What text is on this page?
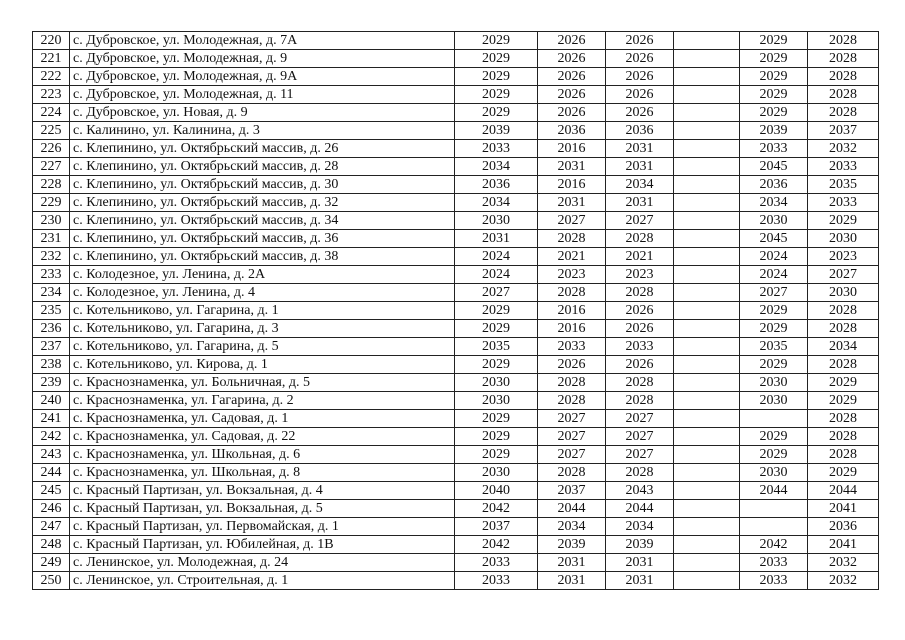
220	с. Дубровское, ул. Молодежная, д. 7А	2029	2026	2026		2029	2028
221	с. Дубровское, ул. Молодежная, д. 9	2029	2026	2026		2029	2028
222	с. Дубровское, ул. Молодежная, д. 9А	2029	2026	2026		2029	2028
223	с. Дубровское, ул. Молодежная, д. 11	2029	2026	2026		2029	2028
224	с. Дубровское, ул. Новая, д. 9	2029	2026	2026		2029	2028
225	с. Калинино, ул. Калинина, д. 3	2039	2036	2036		2039	2037
226	с. Клепинино, ул. Октябрьский массив, д. 26	2033	2016	2031		2033	2032
227	с. Клепинино, ул. Октябрьский массив, д. 28	2034	2031	2031		2045	2033
228	с. Клепинино, ул. Октябрьский массив, д. 30	2036	2016	2034		2036	2035
229	с. Клепинино, ул. Октябрьский массив, д. 32	2034	2031	2031		2034	2033
230	с. Клепинино, ул. Октябрьский массив, д. 34	2030	2027	2027		2030	2029
231	с. Клепинино, ул. Октябрьский массив, д. 36	2031	2028	2028		2045	2030
232	с. Клепинино, ул. Октябрьский массив, д. 38	2024	2021	2021		2024	2023
233	с. Колодезное, ул. Ленина, д. 2А	2024	2023	2023		2024	2027
234	с. Колодезное, ул. Ленина, д. 4	2027	2028	2028		2027	2030
235	с. Котельниково, ул. Гагарина, д. 1	2029	2016	2026		2029	2028
236	с. Котельниково, ул. Гагарина, д. 3	2029	2016	2026		2029	2028
237	с. Котельниково, ул. Гагарина, д. 5	2035	2033	2033		2035	2034
238	с. Котельниково, ул. Кирова, д. 1	2029	2026	2026		2029	2028
239	с. Краснознаменка, ул. Больничная, д. 5	2030	2028	2028		2030	2029
240	с. Краснознаменка, ул. Гагарина, д. 2	2030	2028	2028		2030	2029
241	с. Краснознаменка, ул. Садовая, д. 1	2029	2027	2027			2028
242	с. Краснознаменка, ул. Садовая, д. 22	2029	2027	2027		2029	2028
243	с. Краснознаменка, ул. Школьная, д. 6	2029	2027	2027		2029	2028
244	с. Краснознаменка, ул. Школьная, д. 8	2030	2028	2028		2030	2029
245	с. Красный Партизан, ул. Вокзальная, д. 4	2040	2037	2043		2044	2044
246	с. Красный Партизан, ул. Вокзальная, д. 5	2042	2044	2044			2041
247	с. Красный Партизан, ул. Первомайская, д. 1	2037	2034	2034			2036
248	с. Красный Партизан, ул. Юбилейная, д. 1В	2042	2039	2039		2042	2041
249	с. Ленинское, ул. Молодежная, д. 24	2033	2031	2031		2033	2032
250	с. Ленинское, ул. Строительная, д. 1	2033	2031	2031		2033	2032
